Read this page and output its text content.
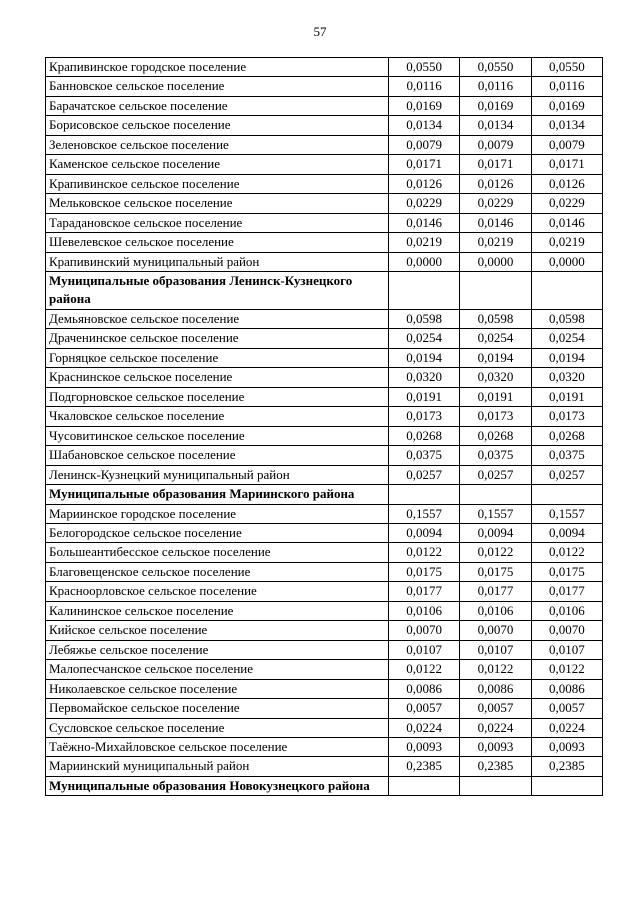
57
Крапивинское городское поселение	0,0550	0,0550	0,0550
Банновское сельское поселение	0,0116	0,0116	0,0116
Барачатское сельское поселение	0,0169	0,0169	0,0169
Борисовское сельское поселение	0,0134	0,0134	0,0134
Зеленовское сельское поселение	0,0079	0,0079	0,0079
Каменское сельское поселение	0,0171	0,0171	0,0171
Крапивинское сельское поселение	0,0126	0,0126	0,0126
Мельковское сельское поселение	0,0229	0,0229	0,0229
Тарадановское сельское поселение	0,0146	0,0146	0,0146
Шевелевское сельское поселение	0,0219	0,0219	0,0219
Крапивинский муниципальный район	0,0000	0,0000	0,0000
Муниципальные образования Ленинск-Кузнецкого района			
Демьяновское сельское поселение	0,0598	0,0598	0,0598
Драченинское сельское поселение	0,0254	0,0254	0,0254
Горняцкое сельское поселение	0,0194	0,0194	0,0194
Краснинское сельское поселение	0,0320	0,0320	0,0320
Подгорновское сельское поселение	0,0191	0,0191	0,0191
Чкаловское сельское поселение	0,0173	0,0173	0,0173
Чусовитинское сельское поселение	0,0268	0,0268	0,0268
Шабановское сельское поселение	0,0375	0,0375	0,0375
Ленинск-Кузнецкий муниципальный район	0,0257	0,0257	0,0257
Муниципальные образования Мариинского района			
Мариинское городское поселение	0,1557	0,1557	0,1557
Белогородское сельское поселение	0,0094	0,0094	0,0094
Большеантибесское сельское поселение	0,0122	0,0122	0,0122
Благовещенское сельское поселение	0,0175	0,0175	0,0175
Красноорловское сельское поселение	0,0177	0,0177	0,0177
Калининское сельское поселение	0,0106	0,0106	0,0106
Кийское сельское поселение	0,0070	0,0070	0,0070
Лебяжье сельское поселение	0,0107	0,0107	0,0107
Малопесчанское сельское поселение	0,0122	0,0122	0,0122
Николаевское сельское поселение	0,0086	0,0086	0,0086
Первомайское сельское поселение	0,0057	0,0057	0,0057
Сусловское сельское поселение	0,0224	0,0224	0,0224
Таёжно-Михайловское сельское поселение	0,0093	0,0093	0,0093
Мариинский муниципальный район	0,2385	0,2385	0,2385
Муниципальные образования Новокузнецкого района			
